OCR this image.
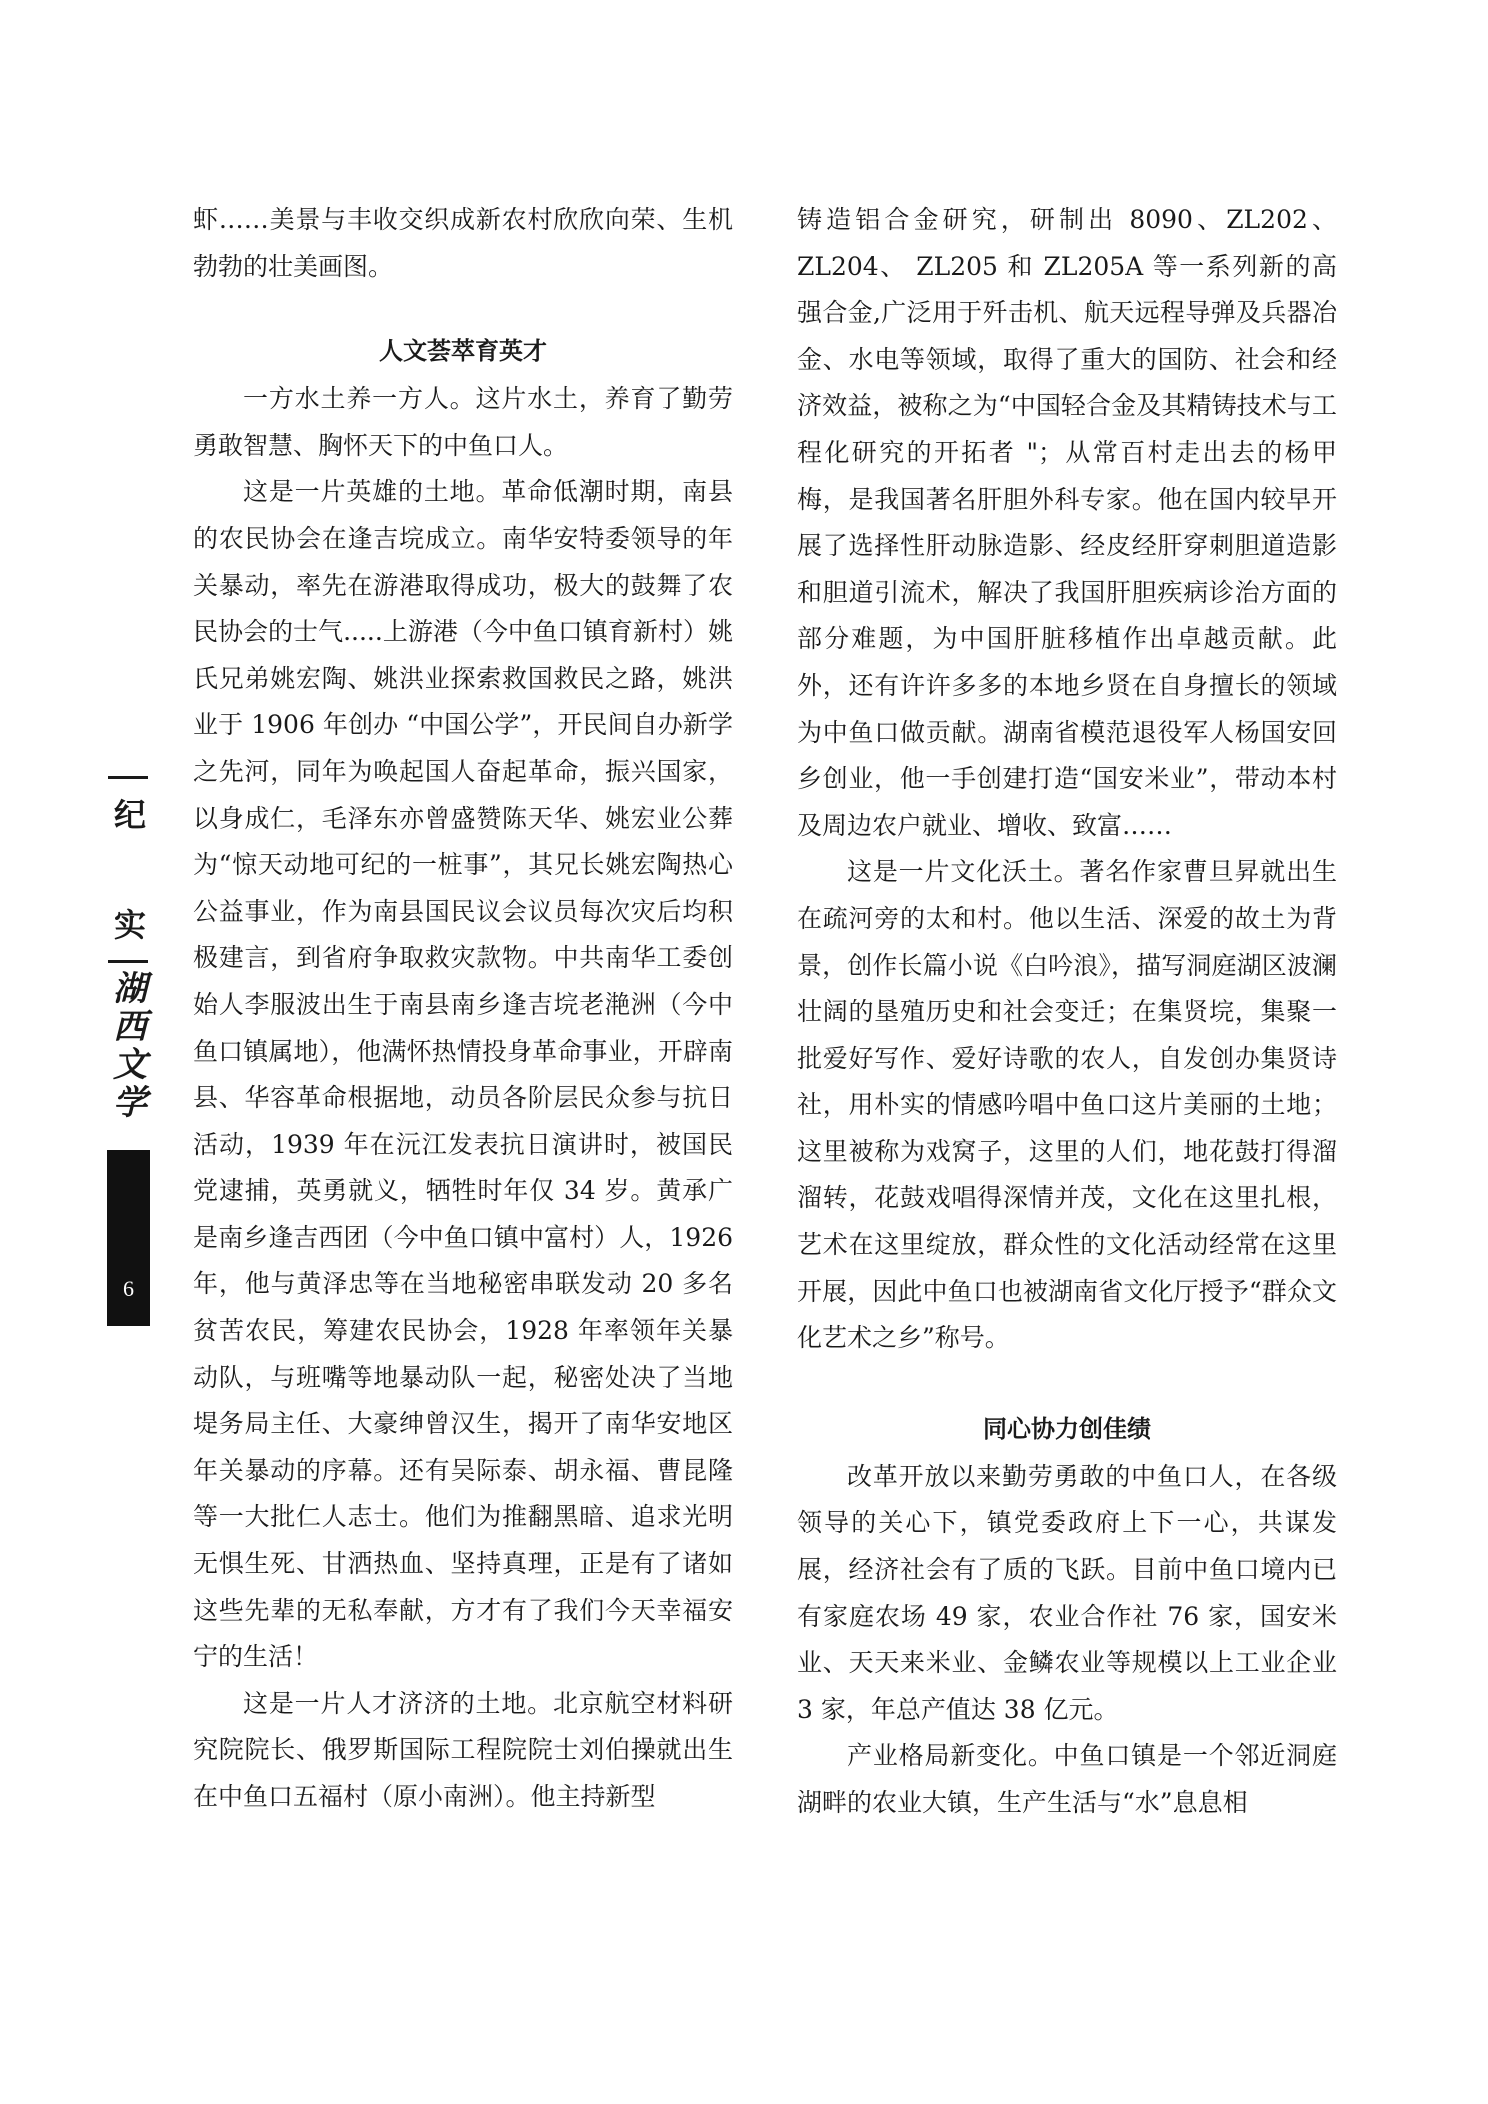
纪
实
湖
西
文
学
6

虾……美景与丰收交织成新农村欣欣向荣、生机勃勃的壮美画图。

人文荟萃育英才

一方水土养一方人。这片水土，养育了勤劳勇敢智慧、胸怀天下的中鱼口人。

这是一片英雄的土地。革命低潮时期，南县的农民协会在逢吉垸成立。南华安特委领导的年关暴动，率先在游港取得成功，极大的鼓舞了农民协会的士气.....上游港（今中鱼口镇育新村）姚氏兄弟姚宏陶、姚洪业探索救国救民之路，姚洪业于 1906 年创办 “中国公学”，开民间自办新学之先河，同年为唤起国人奋起革命，振兴国家，以身成仁，毛泽东亦曾盛赞陈天华、姚宏业公葬为“惊天动地可纪的一桩事”，其兄长姚宏陶热心公益事业，作为南县国民议会议员每次灾后均积极建言，到省府争取救灾款物。中共南华工委创始人李服波出生于南县南乡逢吉垸老滟洲（今中鱼口镇属地），他满怀热情投身革命事业，开辟南县、华容革命根据地，动员各阶层民众参与抗日活动，1939 年在沅江发表抗日演讲时，被国民党逮捕，英勇就义，牺牲时年仅 34 岁。黄承广是南乡逢吉西团（今中鱼口镇中富村）人，1926 年，他与黄泽忠等在当地秘密串联发动 20 多名贫苦农民，筹建农民协会，1928 年率领年关暴动队，与班嘴等地暴动队一起，秘密处决了当地堤务局主任、大豪绅曾汉生，揭开了南华安地区年关暴动的序幕。还有吴际泰、胡永福、曹昆隆等一大批仁人志士。他们为推翻黑暗、追求光明无惧生死、甘洒热血、坚持真理，正是有了诸如这些先辈的无私奉献，方才有了我们今天幸福安宁的生活！

这是一片人才济济的土地。北京航空材料研究院院长、俄罗斯国际工程院院士刘伯操就出生在中鱼口五福村（原小南洲）。他主持新型

铸造铝合金研究，研制出 8090、ZL202、ZL204、 ZL205 和 ZL205A 等一系列新的高强合金,广泛用于歼击机、航天远程导弹及兵器冶金、水电等领域，取得了重大的国防、社会和经济效益，被称之为“中国轻合金及其精铸技术与工程化研究的开拓者 "；从常百村走出去的杨甲梅，是我国著名肝胆外科专家。他在国内较早开展了选择性肝动脉造影、经皮经肝穿刺胆道造影和胆道引流术，解决了我国肝胆疾病诊治方面的部分难题，为中国肝脏移植作出卓越贡献。此外，还有许许多多的本地乡贤在自身擅长的领域为中鱼口做贡献。湖南省模范退役军人杨国安回乡创业，他一手创建打造“国安米业”，带动本村及周边农户就业、增收、致富……

这是一片文化沃土。著名作家曹旦昇就出生在疏河旁的太和村。他以生活、深爱的故土为背景，创作长篇小说《白吟浪》，描写洞庭湖区波澜壮阔的垦殖历史和社会变迁；在集贤垸，集聚一批爱好写作、爱好诗歌的农人，自发创办集贤诗社，用朴实的情感吟唱中鱼口这片美丽的土地；这里被称为戏窝子，这里的人们，地花鼓打得溜溜转，花鼓戏唱得深情并茂，文化在这里扎根，艺术在这里绽放，群众性的文化活动经常在这里开展，因此中鱼口也被湖南省文化厅授予“群众文化艺术之乡”称号。

同心协力创佳绩

改革开放以来勤劳勇敢的中鱼口人，在各级领导的关心下，镇党委政府上下一心，共谋发展，经济社会有了质的飞跃。目前中鱼口境内已有家庭农场 49 家，农业合作社 76 家，国安米业、天天来米业、金鳞农业等规模以上工业企业 3 家，年总产值达 38 亿元。

产业格局新变化。中鱼口镇是一个邻近洞庭湖畔的农业大镇，生产生活与“水”息息相
